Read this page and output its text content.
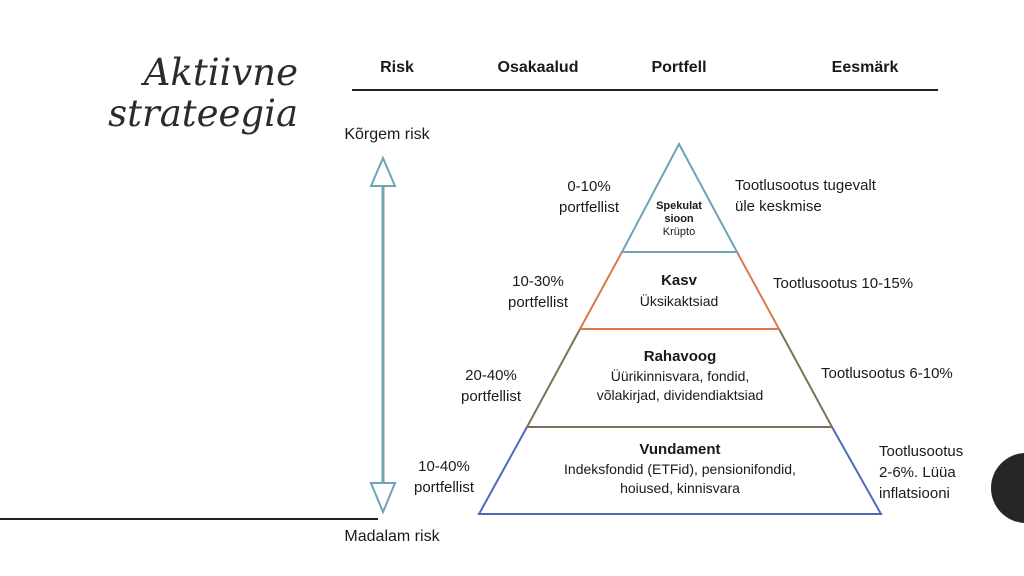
Aktiivne
strateegia
Risk	Osakaalud	Portfell	Eesmärk
Kõrgem risk
Madalam risk
Spekulat
sioon
Krüpto
Kasv
Üksikaktsiad
Rahavoog
Üürikinnisvara, fondid,
võlakirjad, dividendiaktsiad
Vundament
Indeksfondid (ETFid), pensionifondid,
hoiused, kinnisvara
0-10%
portfellist
10-30%
portfellist
20-40%
portfellist
10-40%
portfellist
Tootlusootus tugevalt
üle keskmise
Tootlusootus 10-15%
Tootlusootus 6-10%
Tootlusootus
2-6%. Lüüa
inflatsiooni
